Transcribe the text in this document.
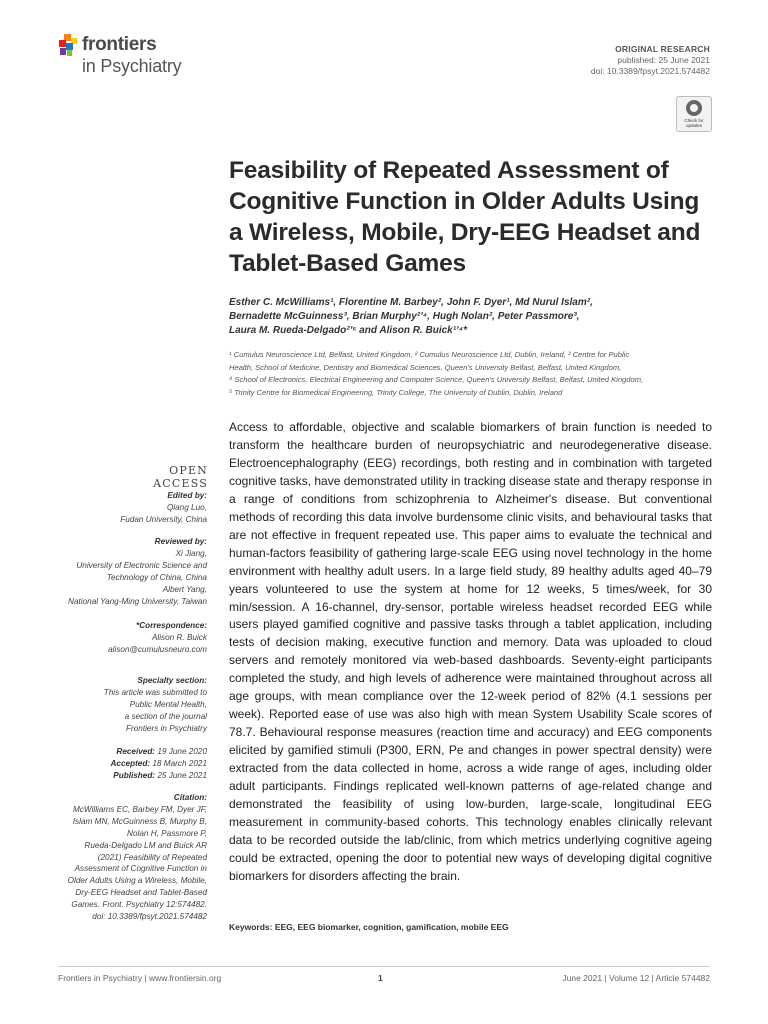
frontiers
in Psychiatry
ORIGINAL RESEARCH
published: 25 June 2021
doi: 10.3389/fpsyt.2021.574482
Check for
updates
Feasibility of Repeated Assessment of Cognitive Function in Older Adults Using a Wireless, Mobile, Dry-EEG Headset and Tablet-Based Games
Esther C. McWilliams¹, Florentine M. Barbey², John F. Dyer¹, Md Nurul Islam²,
Bernadette McGuinness³, Brian Murphy²ʼ⁴, Hugh Nolan², Peter Passmore³,
Laura M. Rueda-Delgado²ʼ⁵ and Alison R. Buick¹ʼ⁴*
¹ Cumulus Neuroscience Ltd, Belfast, United Kingdom, ² Cumulus Neuroscience Ltd, Dublin, Ireland, ³ Centre for Public
Health, School of Medicine, Dentistry and Biomedical Sciences, Queen's University Belfast, Belfast, United Kingdom,
⁴ School of Electronics, Electrical Engineering and Computer Science, Queen's University Belfast, Belfast, United Kingdom,
⁵ Trinity Centre for Biomedical Engineering, Trinity College, The University of Dublin, Dublin, Ireland
Access to affordable, objective and scalable biomarkers of brain function is needed to transform the healthcare burden of neuropsychiatric and neurodegenerative disease. Electroencephalography (EEG) recordings, both resting and in combination with targeted cognitive tasks, have demonstrated utility in tracking disease state and therapy response in a range of conditions from schizophrenia to Alzheimer's disease. But conventional methods of recording this data involve burdensome clinic visits, and behavioural tasks that are not effective in frequent repeated use. This paper aims to evaluate the technical and human-factors feasibility of gathering large-scale EEG using novel technology in the home environment with healthy adult users. In a large field study, 89 healthy adults aged 40–79 years volunteered to use the system at home for 12 weeks, 5 times/week, for 30 min/session. A 16-channel, dry-sensor, portable wireless headset recorded EEG while users played gamified cognitive and passive tasks through a tablet application, including tests of decision making, executive function and memory. Data was uploaded to cloud servers and remotely monitored via web-based dashboards. Seventy-eight participants completed the study, and high levels of adherence were maintained throughout across all age groups, with mean compliance over the 12-week period of 82% (4.1 sessions per week). Reported ease of use was also high with mean System Usability Scale scores of 78.7. Behavioural response measures (reaction time and accuracy) and EEG components elicited by gamified stimuli (P300, ERN, Pe and changes in power spectral density) were extracted from the data collected in home, across a wide range of ages, including older adult participants. Findings replicated well-known patterns of age-related change and demonstrated the feasibility of using low-burden, large-scale, longitudinal EEG measurement in community-based cohorts. This technology enables clinically relevant data to be recorded outside the lab/clinic, from which metrics underlying cognitive ageing could be extracted, opening the door to potential new ways of developing digital cognitive biomarkers for disorders affecting the brain.
Keywords: EEG, EEG biomarker, cognition, gamification, mobile EEG
OPEN ACCESS
Edited by:
Qiang Luo,
Fudan University, China
Reviewed by:
Xi Jiang,
University of Electronic Science and
Technology of China, China
Albert Yang,
National Yang-Ming University, Taiwan
*Correspondence:
Alison R. Buick
alison@cumulusneuro.com
Specialty section:
This article was submitted to
Public Mental Health,
a section of the journal
Frontiers in Psychiatry
Received: 19 June 2020
Accepted: 18 March 2021
Published: 25 June 2021
Citation:
McWilliams EC, Barbey FM, Dyer JF,
Islam MN, McGuinness B, Murphy B,
Nolan H, Passmore P,
Rueda-Delgado LM and Buick AR
(2021) Feasibility of Repeated
Assessment of Cognitive Function in
Older Adults Using a Wireless, Mobile,
Dry-EEG Headset and Tablet-Based
Games. Front. Psychiatry 12:574482.
doi: 10.3389/fpsyt.2021.574482
Frontiers in Psychiatry | www.frontiersin.org	1	June 2021 | Volume 12 | Article 574482
